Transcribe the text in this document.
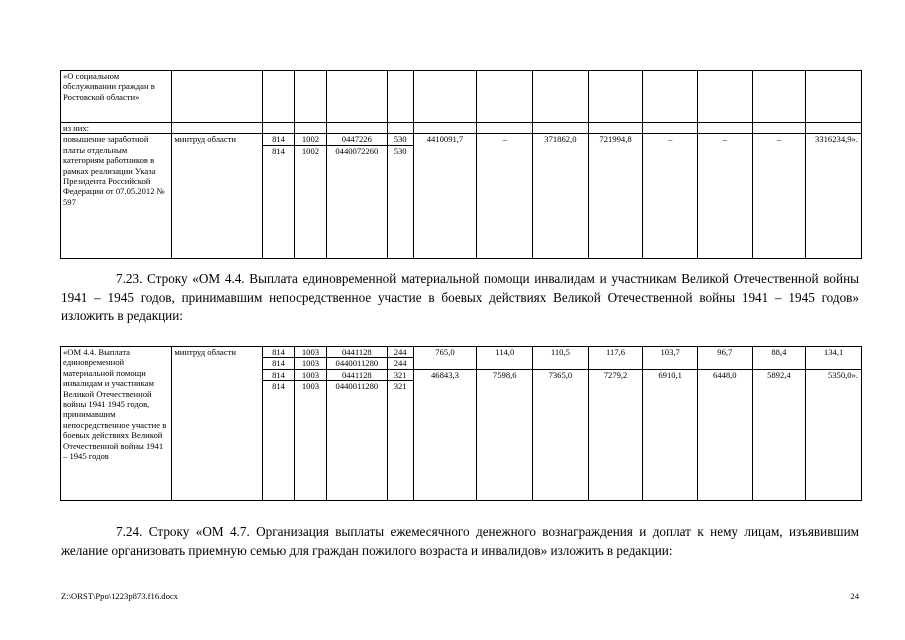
«О социальном обслуживании граждан в Ростовской области»													
из них:													
повышение заработной платы отдельным категориям работников в рамках реализации Указа Президента Российской Федерации от 07.05.2012 № 597	минтруд области	814	1002	0447226	530	4410091,7	–	371862,0	721994,8	–	–	–	3316234,9».
		814	1002	0440072260	530								

7.23. Строку «ОМ 4.4. Выплата единовременной материальной помощи инвалидам и участникам Великой Отечественной войны 1941 – 1945 годов, принимавшим непосредственное участие в боевых действиях Великой Отечественной войны 1941 – 1945 годов» изложить в редакции:

«ОМ 4.4. Выплата единовременной материальной помощи инвалидам и участникам Великой Отечественной войны 1941 1945 годов, принимавшим непосредственное участие в боевых действиях Великой Отечественной войны 1941 – 1945 годов	минтруд области	814	1003	0441128	244	765,0	114,0	110,5	117,6	103,7	96,7	88,4	134,1
		814	1003	0440011280	244								
		814	1003	0441128	321	46843,3	7598,6	7365,0	7279,2	6910,1	6448,0	5892,4	5350,0».
		814	1003	0440011280	321								

7.24. Строку «ОМ 4.7. Организация выплаты ежемесячного денежного вознаграждения и доплат к нему лицам, изъявившим желание организовать приемную семью для граждан пожилого возраста и инвалидов» изложить в редакции:

Z:\ORST\Ppo\1223p873.f16.docx	24
